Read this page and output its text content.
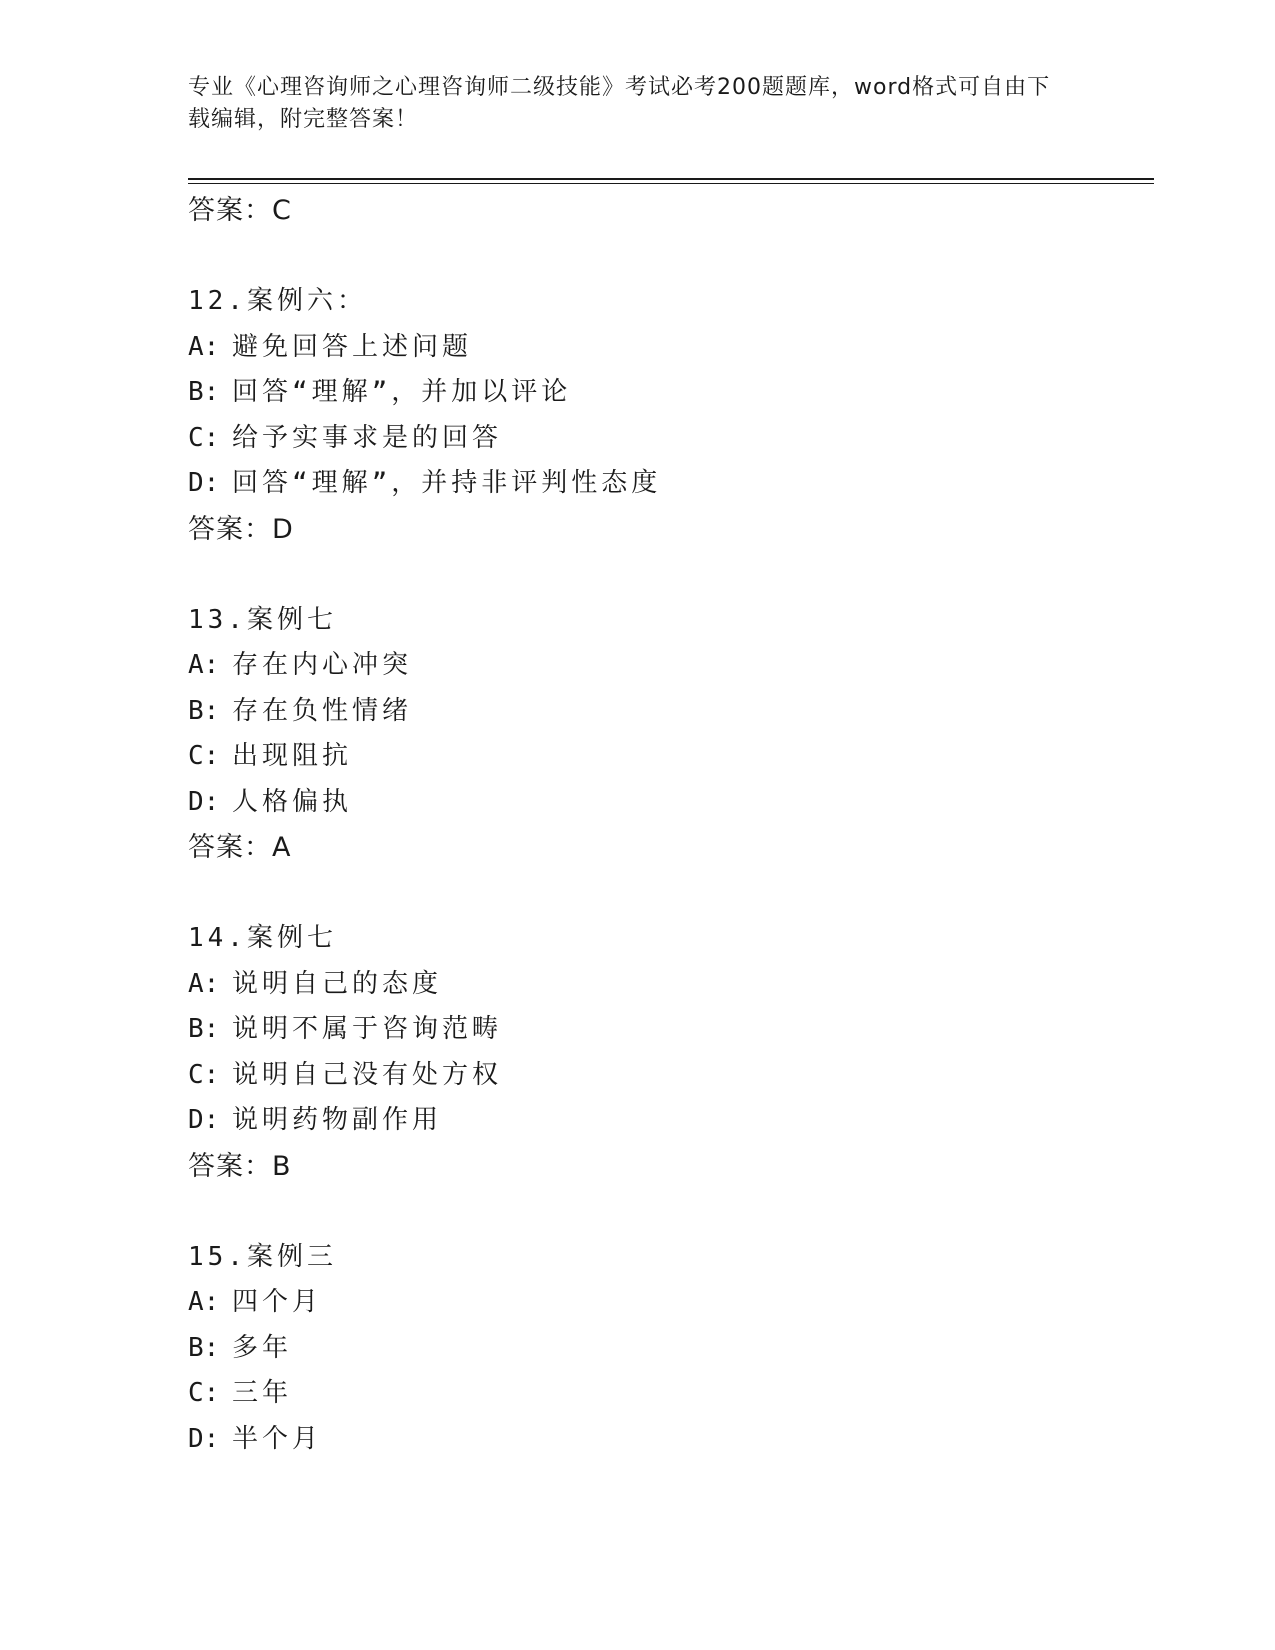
专业《心理咨询师之心理咨询师二级技能》考试必考200题题库，word格式可自由下载编辑，附完整答案！
答案：C
12.案例六：
A: 避免回答上述问题
B: 回答“理解”，并加以评论
C: 给予实事求是的回答
D: 回答“理解”，并持非评判性态度
答案：D
13.案例七
A: 存在内心冲突
B: 存在负性情绪
C: 出现阻抗
D: 人格偏执
答案：A
14.案例七
A: 说明自己的态度
B: 说明不属于咨询范畴
C: 说明自己没有处方权
D: 说明药物副作用
答案：B
15.案例三
A: 四个月
B: 多年
C: 三年
D: 半个月
